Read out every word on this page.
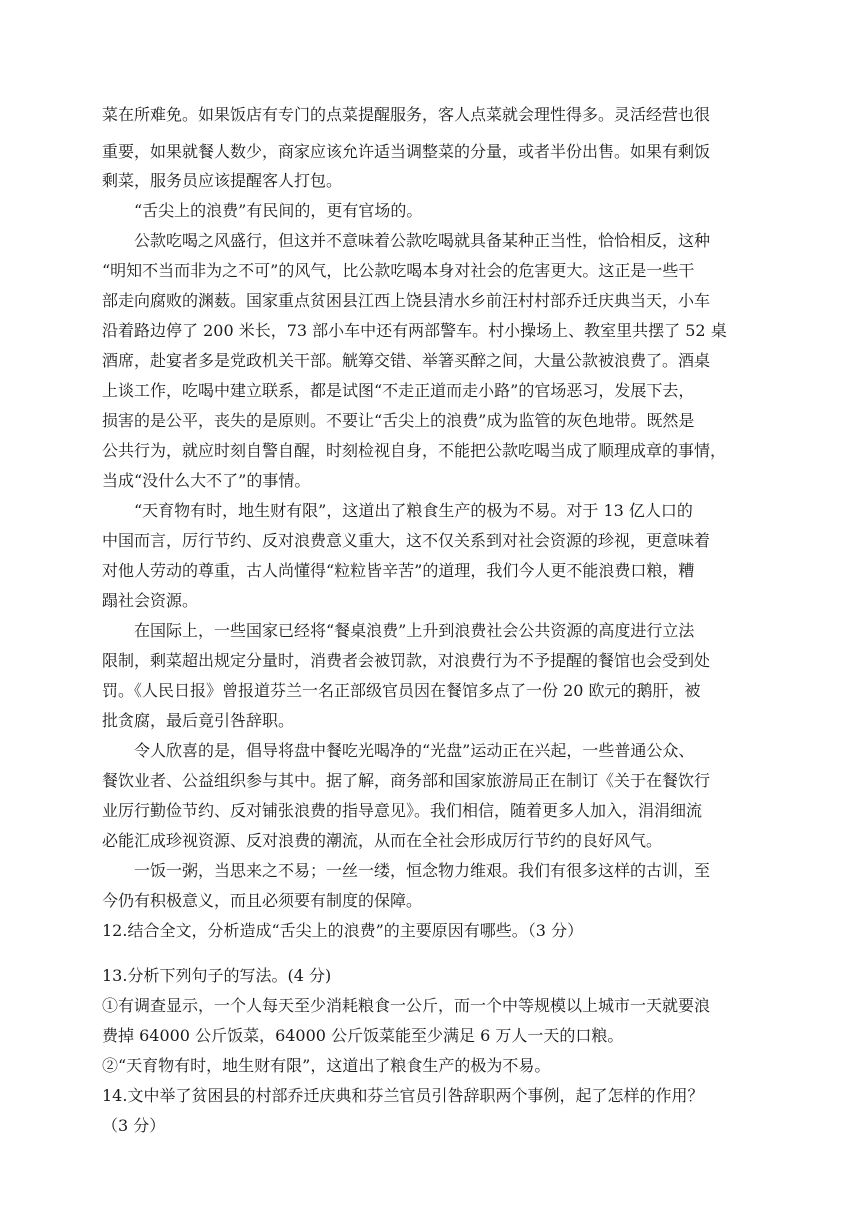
菜在所难免。如果饭店有专门的点菜提醒服务，客人点菜就会理性得多。灵活经营也很
重要，如果就餐人数少，商家应该允许适当调整菜的分量，或者半份出售。如果有剩饭
剩菜，服务员应该提醒客人打包。
“舌尖上的浪费”有民间的，更有官场的。
公款吃喝之风盛行，但这并不意味着公款吃喝就具备某种正当性，恰恰相反，这种
“明知不当而非为之不可”的风气，比公款吃喝本身对社会的危害更大。这正是一些干
部走向腐败的渊薮。国家重点贫困县江西上饶县清水乡前汪村村部乔迁庆典当天，小车
沿着路边停了 200 米长，73 部小车中还有两部警车。村小操场上、教室里共摆了 52 桌
酒席，赴宴者多是党政机关干部。觥筹交错、举箸买醉之间，大量公款被浪费了。酒桌
上谈工作，吃喝中建立联系，都是试图“不走正道而走小路”的官场恶习，发展下去，
损害的是公平，丧失的是原则。不要让“舌尖上的浪费”成为监管的灰色地带。既然是
公共行为，就应时刻自警自醒，时刻检视自身，不能把公款吃喝当成了顺理成章的事情，
当成“没什么大不了”的事情。
“天育物有时，地生财有限”，这道出了粮食生产的极为不易。对于 13 亿人口的
中国而言，厉行节约、反对浪费意义重大，这不仅关系到对社会资源的珍视，更意味着
对他人劳动的尊重，古人尚懂得“粒粒皆辛苦”的道理，我们今人更不能浪费口粮，糟
蹋社会资源。
在国际上，一些国家已经将“餐桌浪费”上升到浪费社会公共资源的高度进行立法
限制，剩菜超出规定分量时，消费者会被罚款，对浪费行为不予提醒的餐馆也会受到处
罚。《人民日报》曾报道芬兰一名正部级官员因在餐馆多点了一份 20 欧元的鹅肝，被
批贪腐，最后竟引咎辞职。
令人欣喜的是，倡导将盘中餐吃光喝净的“光盘”运动正在兴起，一些普通公众、
餐饮业者、公益组织参与其中。据了解，商务部和国家旅游局正在制订《关于在餐饮行
业厉行勤俭节约、反对铺张浪费的指导意见》。我们相信，随着更多人加入，涓涓细流
必能汇成珍视资源、反对浪费的潮流，从而在全社会形成厉行节约的良好风气。
一饭一粥，当思来之不易；一丝一缕，恒念物力维艰。我们有很多这样的古训，至
今仍有积极意义，而且必须要有制度的保障。
12.结合全文，分析造成“舌尖上的浪费”的主要原因有哪些。（3 分）
13.分析下列句子的写法。(4 分)
①有调查显示，一个人每天至少消耗粮食一公斤，而一个中等规模以上城市一天就要浪
费掉 64000 公斤饭菜，64000 公斤饭菜能至少满足 6 万人一天的口粮。
②“天育物有时，地生财有限”，这道出了粮食生产的极为不易。
14.文中举了贫困县的村部乔迁庆典和芬兰官员引咎辞职两个事例，起了怎样的作用？
（3 分）
